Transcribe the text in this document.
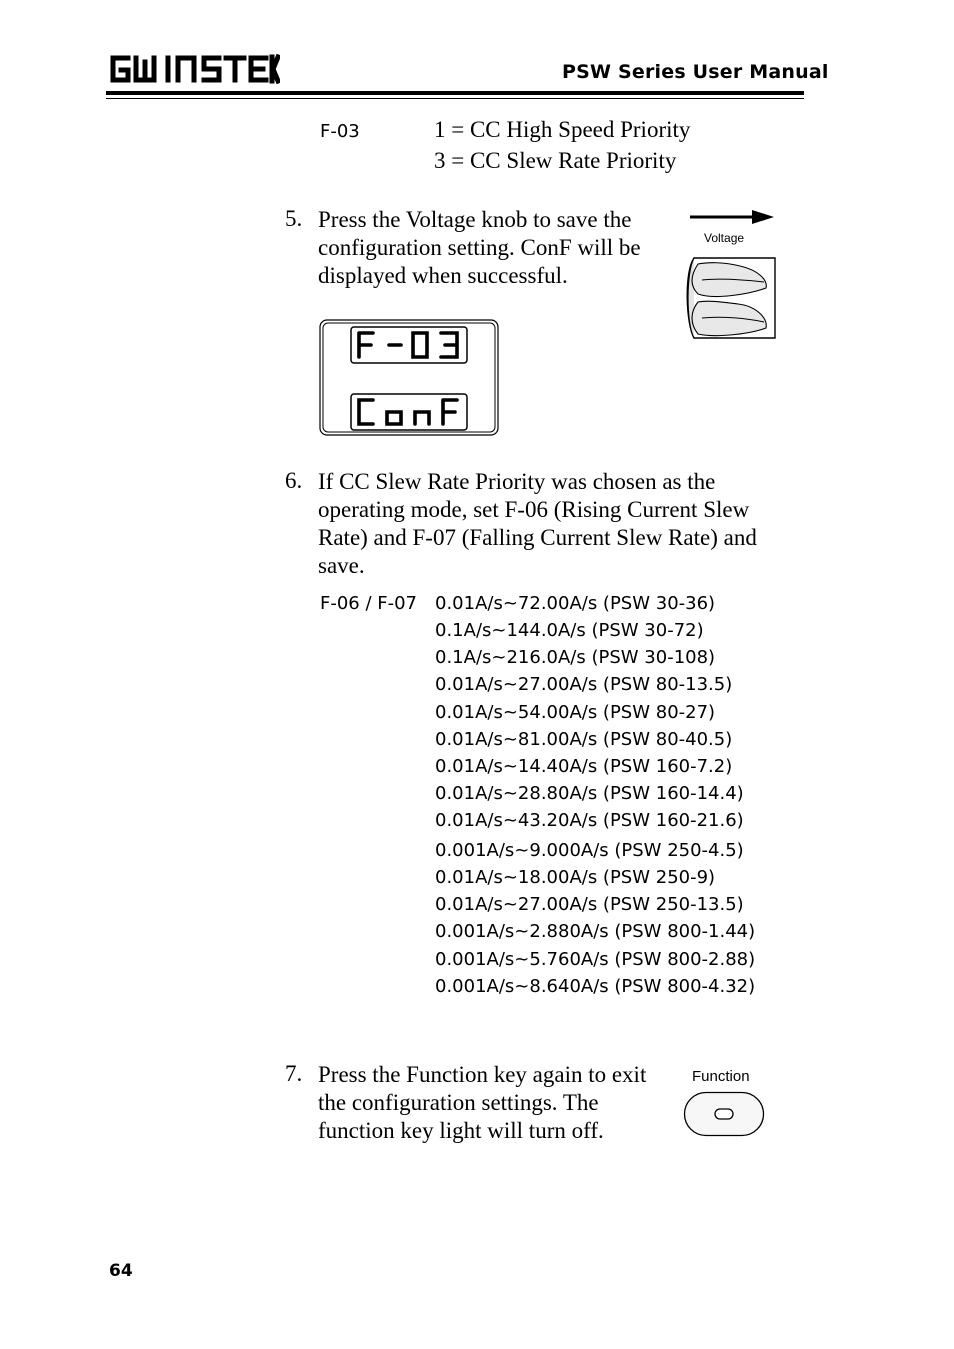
PSW Series User Manual
F-03	1 = CC High Speed Priority
3 = CC Slew Rate Priority
5. Press the Voltage knob to save the
configuration setting. ConF will be
displayed when successful.
Voltage
6. If CC Slew Rate Priority was chosen as the
operating mode, set F-06 (Rising Current Slew
Rate) and F-07 (Falling Current Slew Rate) and
save.
F-06 / F-07 0.01A/s~72.00A/s (PSW 30-36)
0.1A/s~144.0A/s (PSW 30-72)
0.1A/s~216.0A/s (PSW 30-108)
0.01A/s~27.00A/s (PSW 80-13.5)
0.01A/s~54.00A/s (PSW 80-27)
0.01A/s~81.00A/s (PSW 80-40.5)
0.01A/s~14.40A/s (PSW 160-7.2)
0.01A/s~28.80A/s (PSW 160-14.4)
0.01A/s~43.20A/s (PSW 160-21.6)
0.001A/s~9.000A/s (PSW 250-4.5)
0.01A/s~18.00A/s (PSW 250-9)
0.01A/s~27.00A/s (PSW 250-13.5)
0.001A/s~2.880A/s (PSW 800-1.44)
0.001A/s~5.760A/s (PSW 800-2.88)
0.001A/s~8.640A/s (PSW 800-4.32)
7. Press the Function key again to exit
the configuration settings. The
function key light will turn off.
Function
64
